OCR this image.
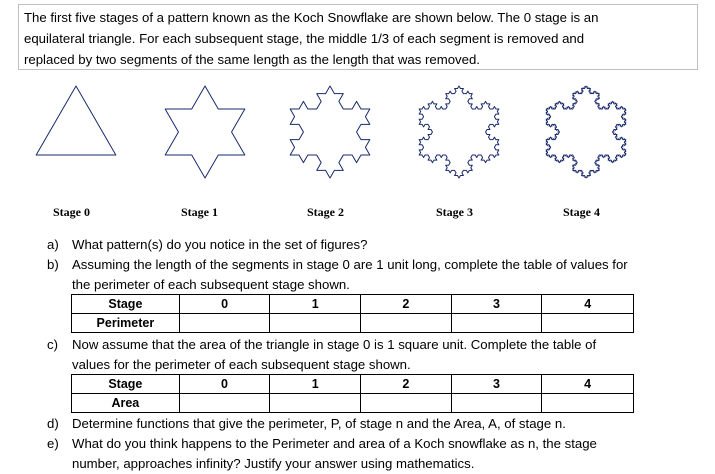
The first five stages of a pattern known as the Koch Snowflake are shown below. The 0 stage is an
equilateral triangle. For each subsequent stage, the middle 1/3 of each segment is removed and
replaced by two segments of the same length as the length that was removed.
Stage 0	Stage 1	Stage 2	Stage 3	Stage 4
a) What pattern(s) do you notice in the set of figures?
b) Assuming the length of the segments in stage 0 are 1 unit long, complete the table of values for
the perimeter of each subsequent stage shown.
Stage	0	1	2	3	4
Perimeter					
c) Now assume that the area of the triangle in stage 0 is 1 square unit. Complete the table of
values for the perimeter of each subsequent stage shown.
Stage	0	1	2	3	4
Area					
d) Determine functions that give the perimeter, P, of stage n and the Area, A, of stage n.
e) What do you think happens to the Perimeter and area of a Koch snowflake as n, the stage
number, approaches infinity? Justify your answer using mathematics.
